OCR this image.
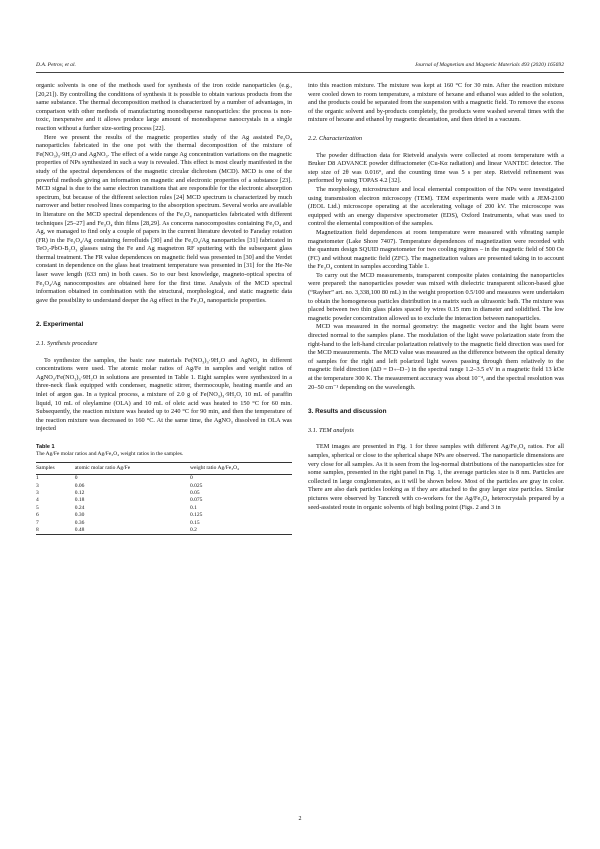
D.A. Petrov, et al.	Journal of Magnetism and Magnetic Materials 493 (2020) 165692

organic solvents is one of the methods used for synthesis of the iron oxide nanoparticles (e.g., [20,21]). By controlling the conditions of synthesis it is possible to obtain various products from the same substance. The thermal decomposition method is characterized by a number of advantages, in comparison with other methods of manufacturing monodisperse nanoparticles: the process is non-toxic, inexpensive and it allows produce large amount of monodisperse nanocrystals in a single reaction without a further size-sorting process [22].

Here we present the results of the magnetic properties study of the Ag assisted Fe₃O₄ nanoparticles fabricated in the one pot with the thermal decomposition of the mixture of Fe(NO₃)₃·9H₂O and AgNO₃. The effect of a wide range Ag concentration variations on the magnetic properties of NPs synthesized in such a way is revealed. This effect is most clearly manifested in the study of the spectral dependences of the magnetic circular dichroism (MCD). MCD is one of the powerful methods giving an information on magnetic and electronic properties of a substance [23]. MCD signal is due to the same electron transitions that are responsible for the electronic absorption spectrum, but because of the different selection rules [24] MCD spectrum is characterized by much narrower and better resolved lines comparing to the absorption spectrum. Several works are available in literature on the MCD spectral dependences of the Fe₃O₄ nanoparticles fabricated with different techniques [25–27] and Fe₃O₄ thin films [28,29]. As concerns nanocomposites containing Fe₃O₄ and Ag, we managed to find only a couple of papers in the current literature devoted to Faraday rotation (FR) in the Fe₃O₄/Ag containing ferrofluids [30] and the Fe₃O₄/Ag nanoparticles [31] fabricated in TeO₂-PbO-B₂O₃ glasses using the Fe and Ag magnetron RF sputtering with the subsequent glass thermal treatment. The FR value dependences on magnetic field was presented in [30] and the Verdet constant in dependence on the glass heat treatment temperature was presented in [31] for the He-Ne laser wave length (633 nm) in both cases. So to our best knowledge, magneto-optical spectra of Fe₃O₄/Ag nanocomposites are obtained here for the first time. Analysis of the MCD spectral information obtained in combination with the structural, morphological, and static magnetic data gave the possibility to understand deeper the Ag effect in the Fe₃O₄ nanoparticle properties.

2. Experimental
2.1. Synthesis procedure

To synthesize the samples, the basic raw materials Fe(NO₃)₃·9H₂O and AgNO₃ in different concentrations were used. The atomic molar ratios of Ag/Fe in samples and weight ratios of AgNO₃/Fe(NO₃)₃·9H₂O in solutions are presented in Table 1. Eight samples were synthesized in a three-neck flask equipped with condenser, magnetic stirrer, thermocouple, heating mantle and an inlet of argon gas. In a typical process, a mixture of 2.0 g of Fe(NO₃)₃·9H₂O, 10 mL of paraffin liquid, 10 mL of oleylamine (OLA) and 10 mL of oleic acid was heated to 150 °C for 60 min. Subsequently, the reaction mixture was heated up to 240 °C for 90 min, and then the temperature of the reaction mixture was decreased to 160 °C. At the same time, the AgNO₃ dissolved in OLA was injected

Table 1
The Ag/Fe molar ratios and Ag/Fe₃O₄ weight ratios in the samples.
Samples	atomic molar ratio Ag/Fe	weight ratio Ag/Fe₃O₄
1	0	0
3	0.06	0.025
3	0.12	0.05
4	0.18	0.075
5	0.24	0.1
6	0.30	0.125
7	0.36	0.15
8	0.48	0.2

into this reaction mixture. The mixture was kept at 160 °C for 30 min. After the reaction mixture were cooled down to room temperature, a mixture of hexane and ethanol was added to the solution, and the products could be separated from the suspension with a magnetic field. To remove the excess of the organic solvent and by-products completely, the products were washed several times with the mixture of hexane and ethanol by magnetic decantation, and then dried in a vacuum.

2.2. Characterization

The powder diffraction data for Rietveld analysis were collected at room temperature with a Bruker D8 ADVANCE powder diffractometer (Cu-Kα radiation) and linear VANTEC detector. The step size of 2θ was 0.016°, and the counting time was 5 s per step. Rietveld refinement was performed by using TOPAS 4.2 [32].

The morphology, microstructure and local elemental composition of the NPs were investigated using transmission electron microscopy (TEM). TEM experiments were made with a JEM-2100 (JEOL Ltd.) microscope operating at the accelerating voltage of 200 kV. The microscope was equipped with an energy dispersive spectrometer (EDS), Oxford Instruments, what was used to control the elemental composition of the samples.

Magnetization field dependences at room temperature were measured with vibrating sample magnetometer (Lake Shore 7407). Temperature dependences of magnetization were recorded with the quantum design SQUID magnetometer for two cooling regimes – in the magnetic field of 500 Oe (FC) and without magnetic field (ZFC). The magnetization values are presented taking in to account the Fe₃O₄ content in samples according Table 1.

To carry out the MCD measurements, transparent composite plates containing the nanoparticles were prepared: the nanoparticles powder was mixed with dielectric transparent silicon-based glue (“Rayher” art. no. 3,338,100 80 mL) in the weight proportion 0.5/100 and measures were undertaken to obtain the homogeneous particles distribution in a matrix such as ultrasonic bath. The mixture was placed between two thin glass plates spaced by wires 0.15 mm in diameter and solidified. The low magnetic powder concentration allowed us to exclude the interaction between nanoparticles.

MCD was measured in the normal geometry: the magnetic vector and the light beam were directed normal to the samples plane. The modulation of the light wave polarization state from the right-hand to the left-hand circular polarization relatively to the magnetic field direction was used for the MCD measurements. The MCD value was measured as the difference between the optical density of samples for the right and left polarized light waves passing through them relatively to the magnetic field direction (ΔD = D₊–D₋) in the spectral range 1.2–3.5 eV in a magnetic field 13 kOe at the temperature 300 K. The measurement accuracy was about 10⁻⁴, and the spectral resolution was 20–50 cm⁻¹ depending on the wavelength.

3. Results and discussion
3.1. TEM analysis

TEM images are presented in Fig. 1 for three samples with different Ag/Fe₃O₄ ratios. For all samples, spherical or close to the spherical shape NPs are observed. The nanoparticle dimensions are very close for all samples. As it is seen from the log-normal distributions of the nanoparticles size for some samples, presented in the right panel in Fig. 1, the average particles size is 8 nm. Particles are collected in large conglomerates, as it will be shown below. Most of the particles are gray in color. There are also dark particles looking as if they are attached to the gray larger size particles. Similar pictures were observed by Tancredi with co-workers for the Ag/Fe₃O₄ heterocrystals prepared by a seed-assisted route in organic solvents of high boiling point (Figs. 2 and 3 in

2
